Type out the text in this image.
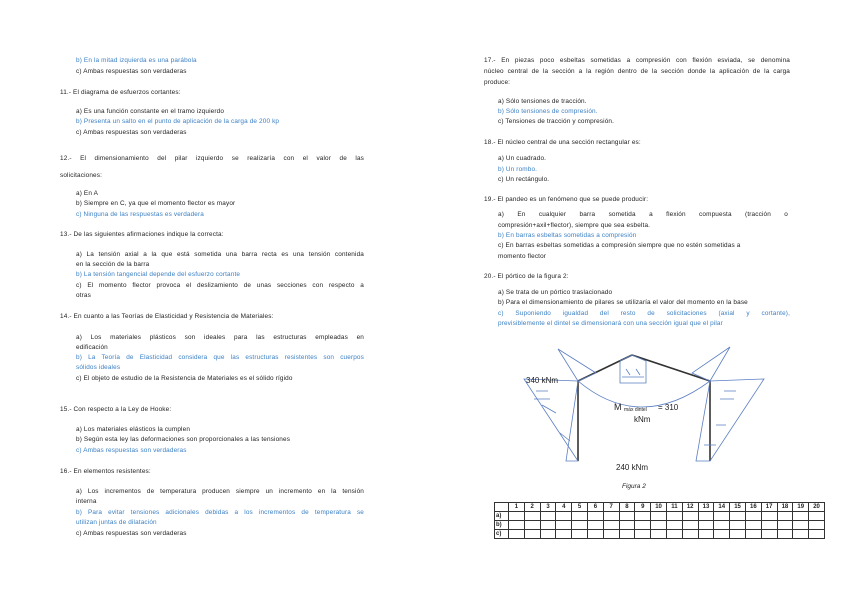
b) En la mitad izquierda es una parábola
c) Ambas respuestas son verdaderas
11.- El diagrama de esfuerzos cortantes:
a) Es una función constante en el tramo izquierdo
b) Presenta un salto en el punto de aplicación de la carga de 200 kp
c) Ambas respuestas son verdaderas
12.- El dimensionamiento del pilar izquierdo se realizaría con el valor de las
solicitaciones:
a) En A
b) Siempre en C, ya que el momento flector es mayor
c) Ninguna de las respuestas es verdadera
13.- De las siguientes afirmaciones indique la correcta:
a) La tensión axial a la que está sometida una barra recta es una tensión contenida
en la sección de la barra
b) La tensión tangencial depende del esfuerzo cortante
c) El momento flector provoca el deslizamiento de unas secciones con respecto a
otras
14.- En cuanto a las Teorías de Elasticidad y Resistencia de Materiales:
a) Los materiales plásticos son ideales para las estructuras empleadas en
edificación
b) La Teoría de Elasticidad considera que las estructuras resistentes son cuerpos
sólidos ideales
c) El objeto de estudio de la Resistencia de Materiales es el sólido rígido
15.- Con respecto a la Ley de Hooke:
a) Los materiales elásticos la cumplen
b) Según esta ley las deformaciones son proporcionales a las tensiones
c) Ambas respuestas son verdaderas
16.- En elementos resistentes:
a) Los incrementos de temperatura producen siempre un incremento en la tensión
interna
b) Para evitar tensiones adicionales debidas a los incrementos de temperatura se
utilizan juntas de dilatación
c) Ambas respuestas son verdaderas
17.- En piezas poco esbeltas sometidas a compresión con flexión esviada, se denomina
núcleo central de la sección a la región dentro de la sección donde la aplicación de la carga
produce:
a) Sólo tensiones de tracción.
b) Sólo tensiones de compresión.
c) Tensiones de tracción y compresión.
18.- El núcleo central de una sección rectangular es:
a) Un cuadrado.
b) Un rombo.
c) Un rectángulo.
19.- El pandeo es un fenómeno que se puede producir:
a) En cualquier barra sometida a flexión compuesta (tracción o
compresión+axil+flector), siempre que sea esbelta.
b) En barras esbeltas sometidas a compresión
c) En barras esbeltas sometidas a compresión siempre que no estén sometidas a
momento flector
20.- El pórtico de la figura 2:
a) Se trata de un pórtico traslacionado
b) Para el dimensionamiento de pilares se utilizaría el valor del momento en la base
c) Suponiendo igualdad del resto de solicitaciones (axial y cortante),
previsiblemente el dintel se dimensionará con una sección igual que el pilar
340 kNm
M máx dintel = 310
kNm
240 kNm
Figura 2
	1	2	3	4	5	6	7	8	9	10	11	12	13	14	15	16	17	18	19	20
a)																				
b)																				
c)																				
